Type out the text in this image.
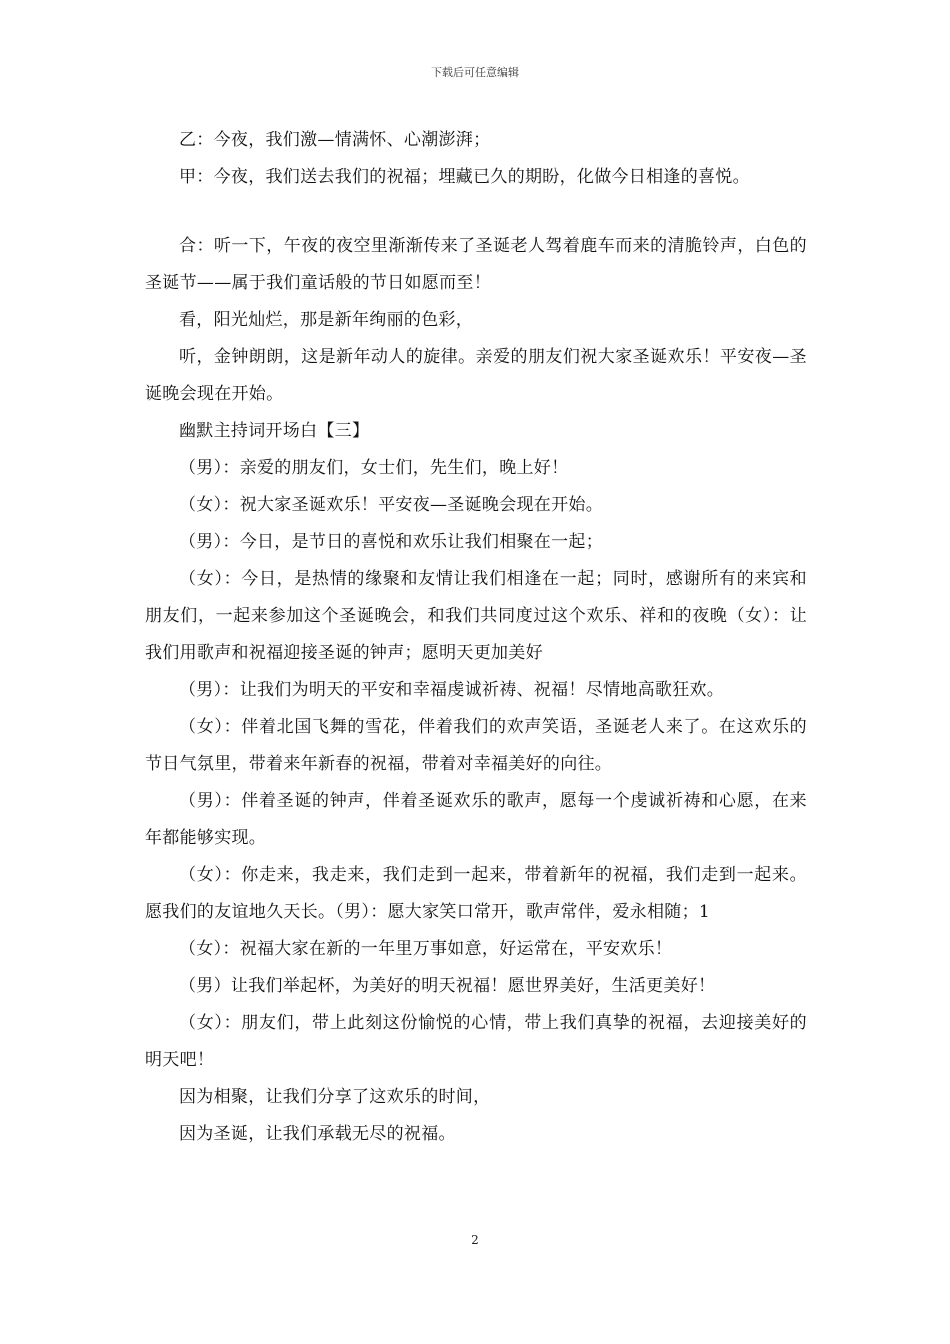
下载后可任意编辑

乙：今夜，我们激—情满怀、心潮澎湃；

甲：今夜，我们送去我们的祝福；埋藏已久的期盼，化做今日相逢的喜悦。

合：听一下，午夜的夜空里渐渐传来了圣诞老人驾着鹿车而来的清脆铃声，白色的圣诞节——属于我们童话般的节日如愿而至！

看，阳光灿烂，那是新年绚丽的色彩，

听，金钟朗朗，这是新年动人的旋律。亲爱的朋友们祝大家圣诞欢乐！平安夜—圣诞晚会现在开始。

幽默主持词开场白【三】

（男）：亲爱的朋友们，女士们，先生们，晚上好！

（女）：祝大家圣诞欢乐！平安夜—圣诞晚会现在开始。

（男）：今日，是节日的喜悦和欢乐让我们相聚在一起；

（女）：今日，是热情的缘聚和友情让我们相逢在一起；同时，感谢所有的来宾和朋友们，一起来参加这个圣诞晚会，和我们共同度过这个欢乐、祥和的夜晚（女）：让我们用歌声和祝福迎接圣诞的钟声；愿明天更加美好

（男）：让我们为明天的平安和幸福虔诚祈祷、祝福！尽情地高歌狂欢。

（女）：伴着北国飞舞的雪花，伴着我们的欢声笑语，圣诞老人来了。在这欢乐的节日气氛里，带着来年新春的祝福，带着对幸福美好的向往。

（男）：伴着圣诞的钟声，伴着圣诞欢乐的歌声，愿每一个虔诚祈祷和心愿，在来年都能够实现。

（女）：你走来，我走来，我们走到一起来，带着新年的祝福，我们走到一起来。愿我们的友谊地久天长。（男）：愿大家笑口常开，歌声常伴，爱永相随；1

（女）：祝福大家在新的一年里万事如意，好运常在，平安欢乐！

（男）让我们举起杯，为美好的明天祝福！愿世界美好，生活更美好！

（女）：朋友们，带上此刻这份愉悦的心情，带上我们真挚的祝福，去迎接美好的明天吧！

因为相聚，让我们分享了这欢乐的时间，

因为圣诞，让我们承载无尽的祝福。

2
